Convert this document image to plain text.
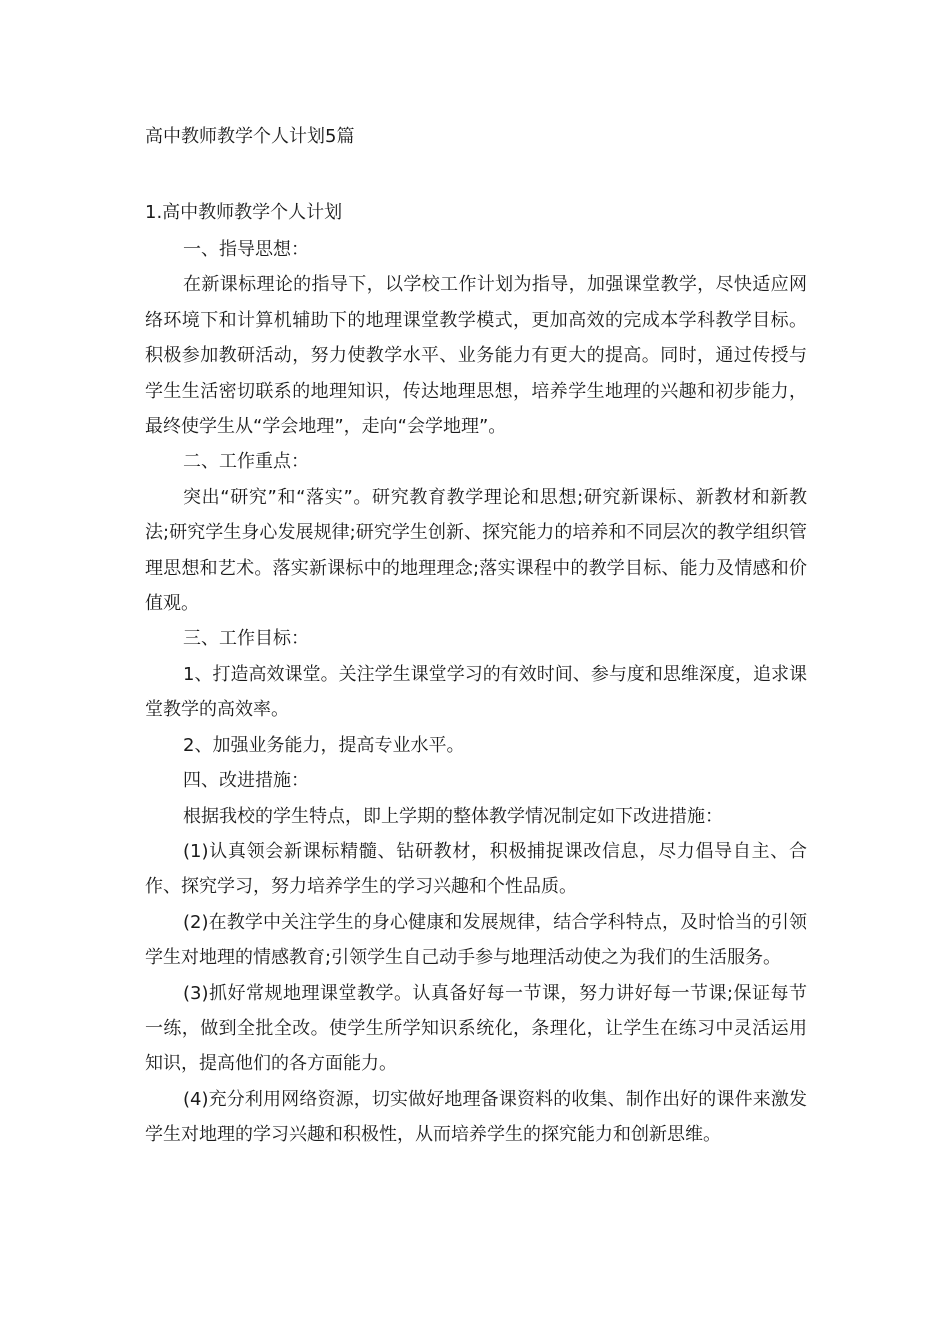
高中教师教学个人计划5篇
1.高中教师教学个人计划

一、指导思想：

在新课标理论的指导下，以学校工作计划为指导，加强课堂教学，尽快适应网络环境下和计算机辅助下的地理课堂教学模式，更加高效的完成本学科教学目标。积极参加教研活动，努力使教学水平、业务能力有更大的提高。同时，通过传授与学生生活密切联系的地理知识，传达地理思想，培养学生地理的兴趣和初步能力，最终使学生从“学会地理”，走向“会学地理”。

二、工作重点：

突出“研究”和“落实”。研究教育教学理论和思想;研究新课标、新教材和新教法;研究学生身心发展规律;研究学生创新、探究能力的培养和不同层次的教学组织管理思想和艺术。落实新课标中的地理理念;落实课程中的教学目标、能力及情感和价值观。

三、工作目标：

1、打造高效课堂。关注学生课堂学习的有效时间、参与度和思维深度，追求课堂教学的高效率。

2、加强业务能力，提高专业水平。

四、改进措施：

根据我校的学生特点，即上学期的整体教学情况制定如下改进措施：

(1)认真领会新课标精髓、钻研教材，积极捕捉课改信息，尽力倡导自主、合作、探究学习，努力培养学生的学习兴趣和个性品质。

(2)在教学中关注学生的身心健康和发展规律，结合学科特点，及时恰当的引领学生对地理的情感教育;引领学生自己动手参与地理活动使之为我们的生活服务。

(3)抓好常规地理课堂教学。认真备好每一节课，努力讲好每一节课;保证每节一练，做到全批全改。使学生所学知识系统化，条理化，让学生在练习中灵活运用知识，提高他们的各方面能力。

(4)充分利用网络资源，切实做好地理备课资料的收集、制作出好的课件来激发学生对地理的学习兴趣和积极性，从而培养学生的探究能力和创新思维。
